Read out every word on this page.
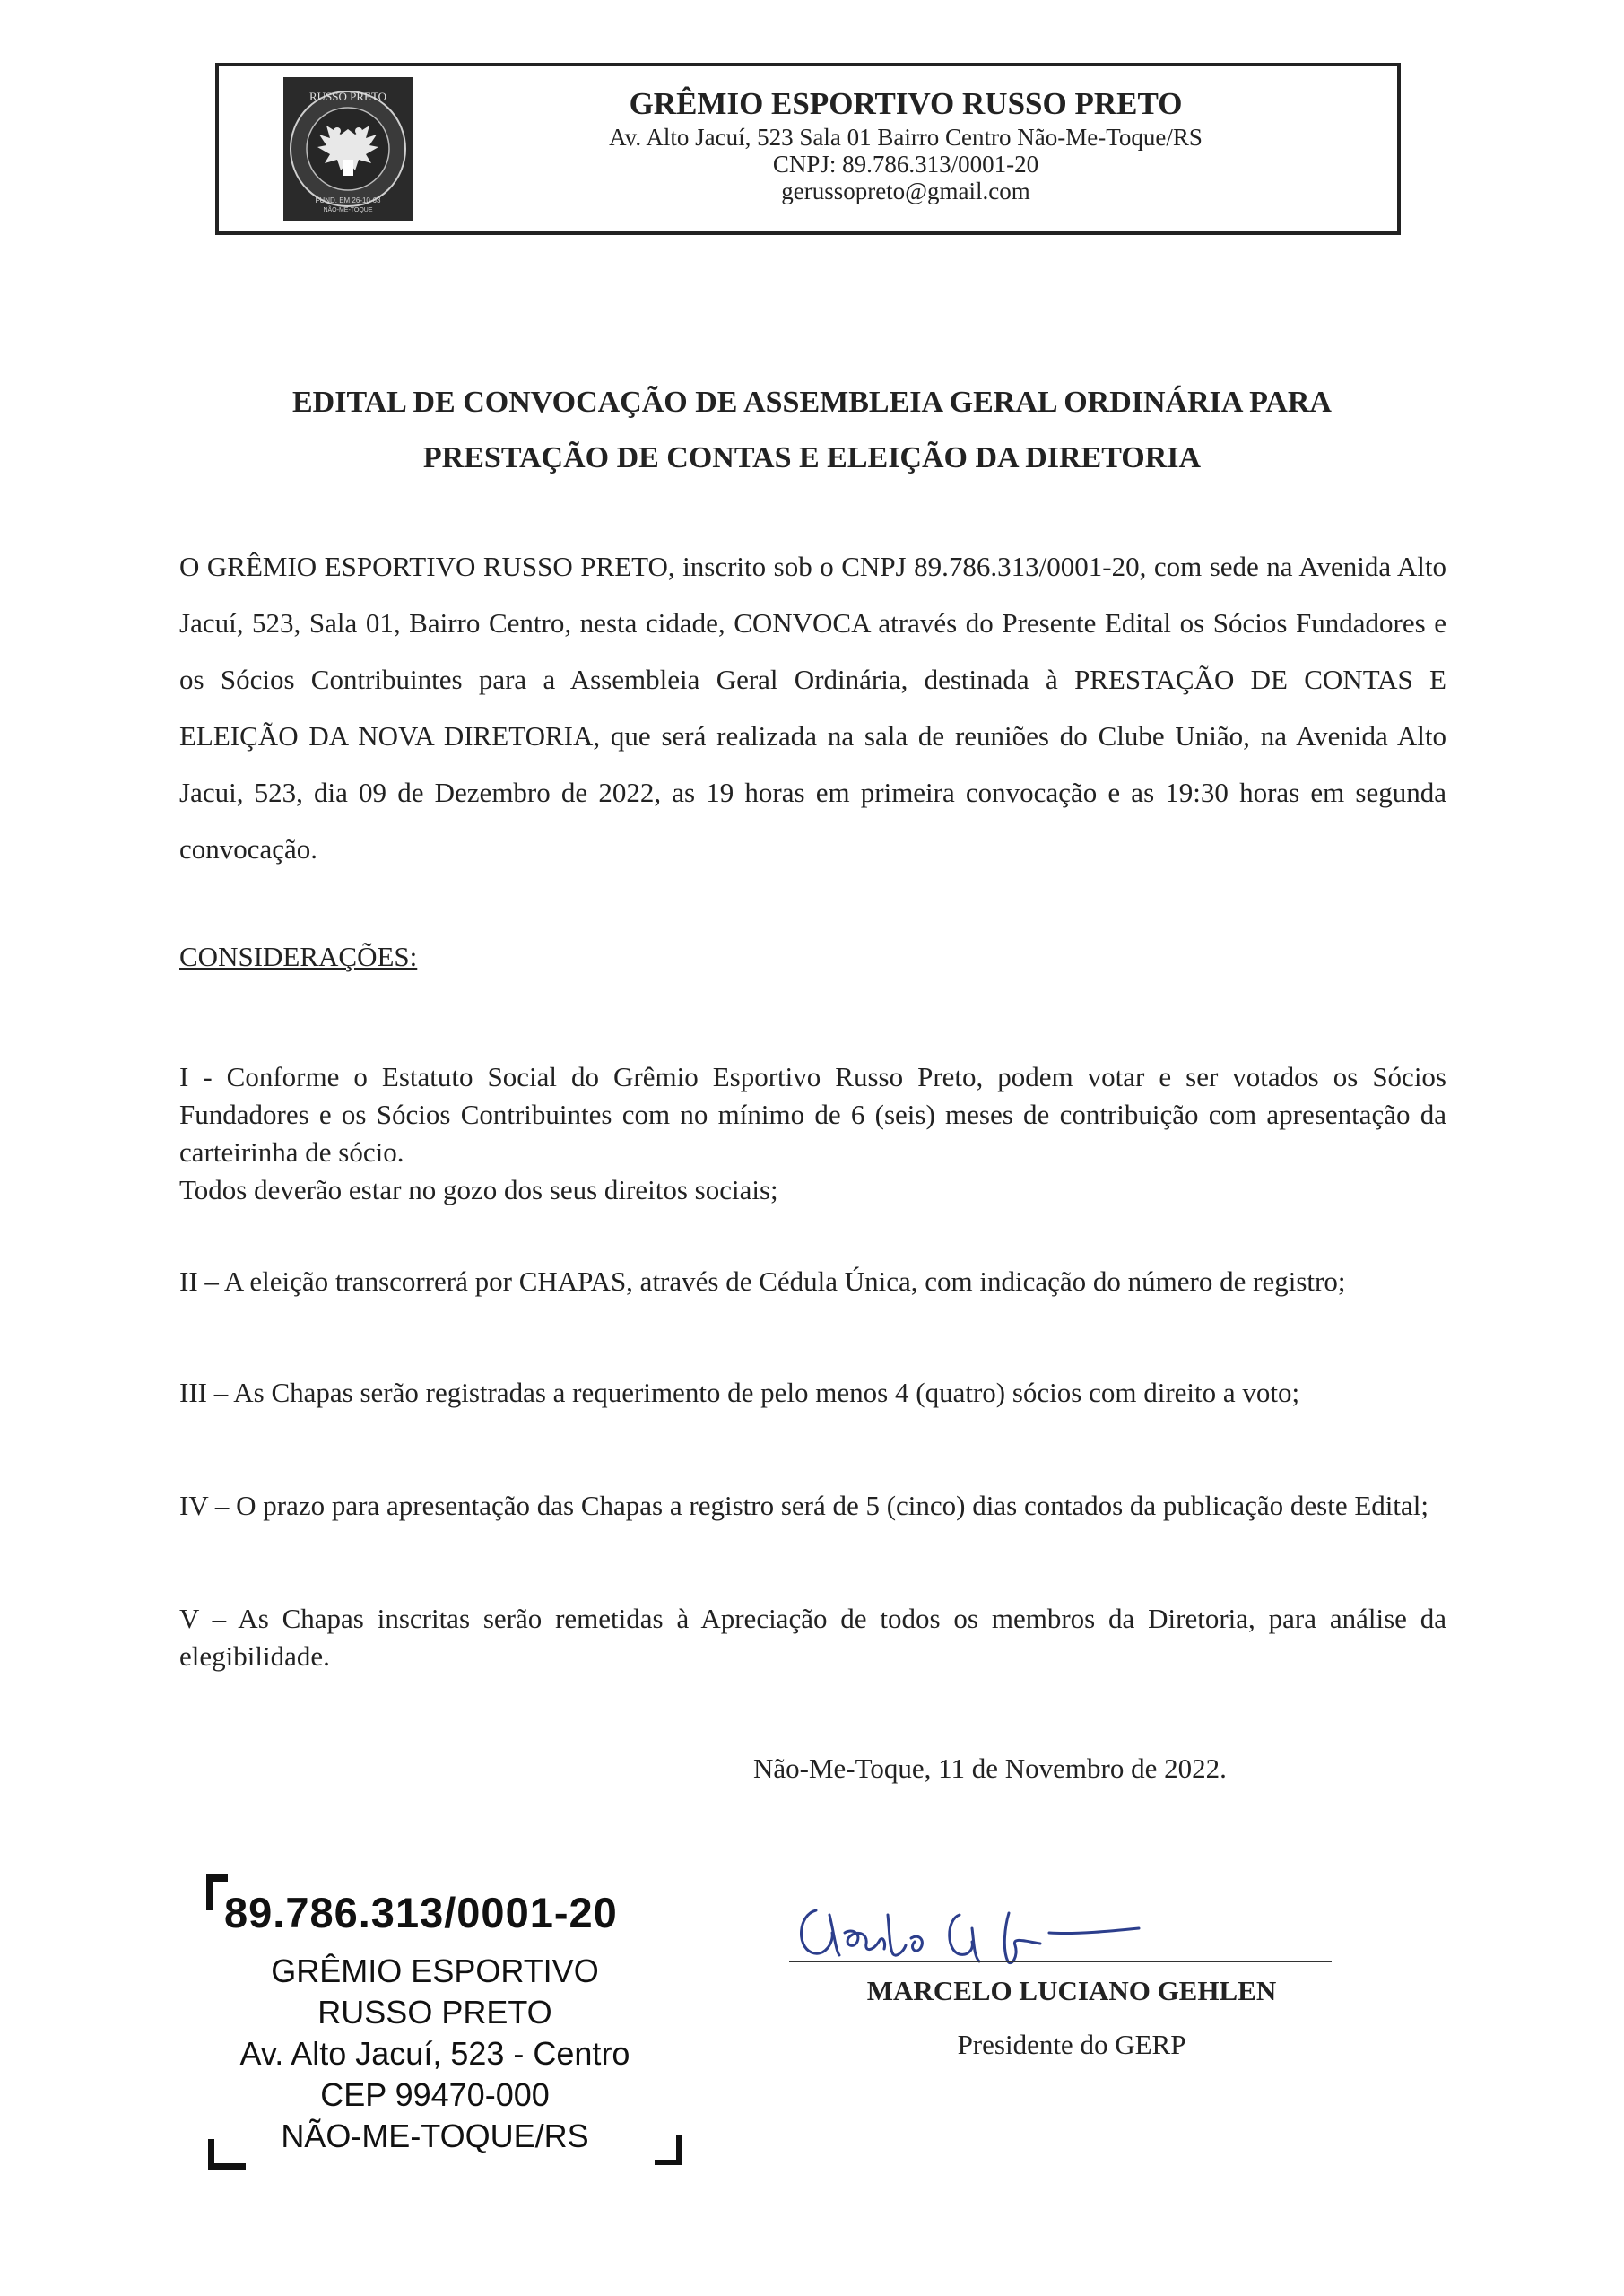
RUSSO PRETO
FUND. EM 26-10-63
NÃO-ME-TOQUE
GRÊMIO ESPORTIVO RUSSO PRETO
Av. Alto Jacuí, 523 Sala 01 Bairro Centro Não-Me-Toque/RS
CNPJ: 89.786.313/0001-20
gerussopreto@gmail.com
EDITAL DE CONVOCAÇÃO DE ASSEMBLEIA GERAL ORDINÁRIA PARA
PRESTAÇÃO DE CONTAS E ELEIÇÃO DA DIRETORIA
O GRÊMIO ESPORTIVO RUSSO PRETO, inscrito sob o CNPJ 89.786.313/0001-20, com sede na Avenida Alto Jacuí, 523, Sala 01, Bairro Centro, nesta cidade, CONVOCA através do Presente Edital os Sócios Fundadores e os Sócios Contribuintes para a Assembleia Geral Ordinária, destinada à PRESTAÇÃO DE CONTAS E ELEIÇÃO DA NOVA DIRETORIA, que será realizada na sala de reuniões do Clube União, na Avenida Alto Jacui, 523, dia 09 de Dezembro de 2022, as 19 horas em primeira convocação e as 19:30 horas em segunda convocação.
CONSIDERAÇÕES:
I - Conforme o Estatuto Social do Grêmio Esportivo Russo Preto, podem votar e ser votados os Sócios Fundadores e os Sócios Contribuintes com no mínimo de 6 (seis) meses de contribuição com apresentação da carteirinha de sócio.
Todos deverão estar no gozo dos seus direitos sociais;
II – A eleição transcorrerá por CHAPAS, através de Cédula Única, com indicação do número de registro;
III – As Chapas serão registradas a requerimento de pelo menos 4 (quatro) sócios com direito a voto;
IV – O prazo para apresentação das Chapas a registro será de 5 (cinco) dias contados da publicação deste Edital;
V – As Chapas inscritas serão remetidas à Apreciação de todos os membros da Diretoria, para análise da elegibilidade.
Não-Me-Toque, 11 de Novembro de 2022.
89.786.313/0001-20
GRÊMIO ESPORTIVO
RUSSO PRETO
Av. Alto Jacuí, 523 - Centro
CEP 99470-000
NÃO-ME-TOQUE/RS
MARCELO LUCIANO GEHLEN
Presidente do GERP
